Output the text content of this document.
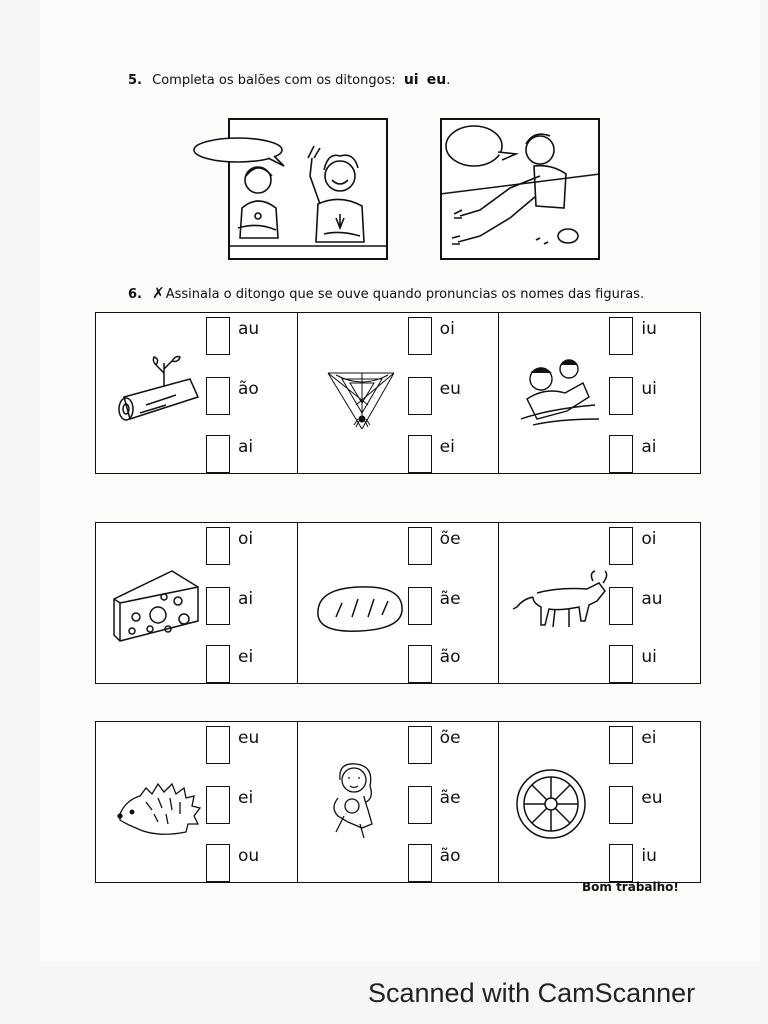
5. Completa os balões com os ditongos: ui eu.
6. ✗Assinala o ditongo que se ouve quando pronuncias os nomes das figuras.
au
ão
ai
oi
eu
ei
iu
ui
ai
oi
ai
ei
õe
ãe
ão
oi
au
ui
eu
ei
ou
õe
ãe
ão
ei
eu
iu
Bom trabalho!
Scanned with CamScanner
